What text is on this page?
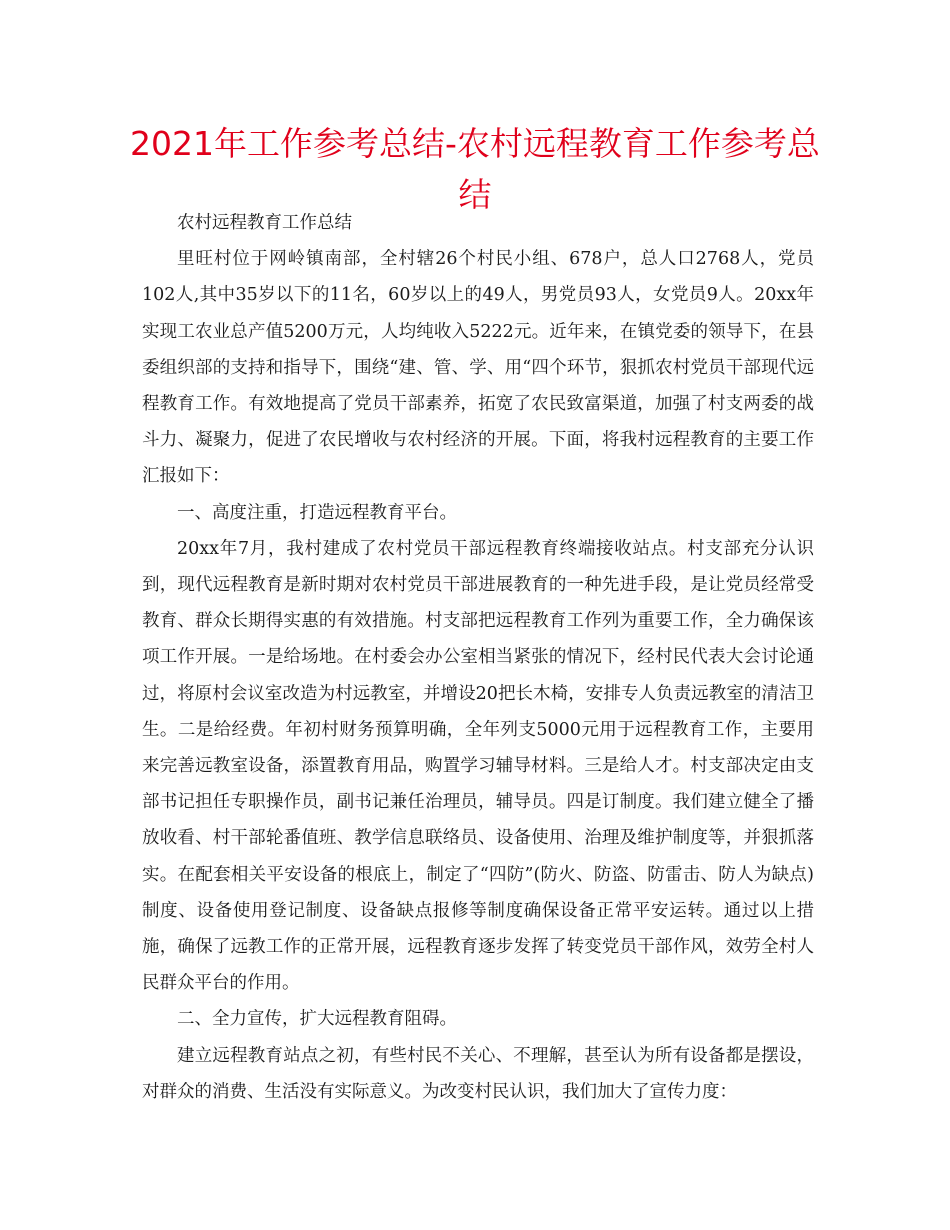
2021年工作参考总结-农村远程教育工作参考总结

农村远程教育工作总结

里旺村位于网岭镇南部，全村辖26个村民小组、678户，总人口2768人，党员102人,其中35岁以下的11名，60岁以上的49人，男党员93人，女党员9人。20xx年实现工农业总产值5200万元，人均纯收入5222元。近年来，在镇党委的领导下，在县委组织部的支持和指导下，围绕“建、管、学、用“四个环节，狠抓农村党员干部现代远程教育工作。有效地提高了党员干部素养，拓宽了农民致富渠道，加强了村支两委的战斗力、凝聚力，促进了农民增收与农村经济的开展。下面，将我村远程教育的主要工作汇报如下：

一、高度注重，打造远程教育平台。

20xx年7月，我村建成了农村党员干部远程教育终端接收站点。村支部充分认识到，现代远程教育是新时期对农村党员干部进展教育的一种先进手段，是让党员经常受教育、群众长期得实惠的有效措施。村支部把远程教育工作列为重要工作，全力确保该项工作开展。一是给场地。在村委会办公室相当紧张的情况下，经村民代表大会讨论通过，将原村会议室改造为村远教室，并增设20把长木椅，安排专人负责远教室的清洁卫生。二是给经费。年初村财务预算明确，全年列支5000元用于远程教育工作，主要用来完善远教室设备，添置教育用品，购置学习辅导材料。三是给人才。村支部决定由支部书记担任专职操作员，副书记兼任治理员，辅导员。四是订制度。我们建立健全了播放收看、村干部轮番值班、教学信息联络员、设备使用、治理及维护制度等，并狠抓落实。在配套相关平安设备的根底上，制定了“四防”(防火、防盗、防雷击、防人为缺点)制度、设备使用登记制度、设备缺点报修等制度确保设备正常平安运转。通过以上措施，确保了远教工作的正常开展，远程教育逐步发挥了转变党员干部作风，效劳全村人民群众平台的作用。

二、全力宣传，扩大远程教育阻碍。

建立远程教育站点之初，有些村民不关心、不理解，甚至认为所有设备都是摆设，对群众的消费、生活没有实际意义。为改变村民认识，我们加大了宣传力度：
